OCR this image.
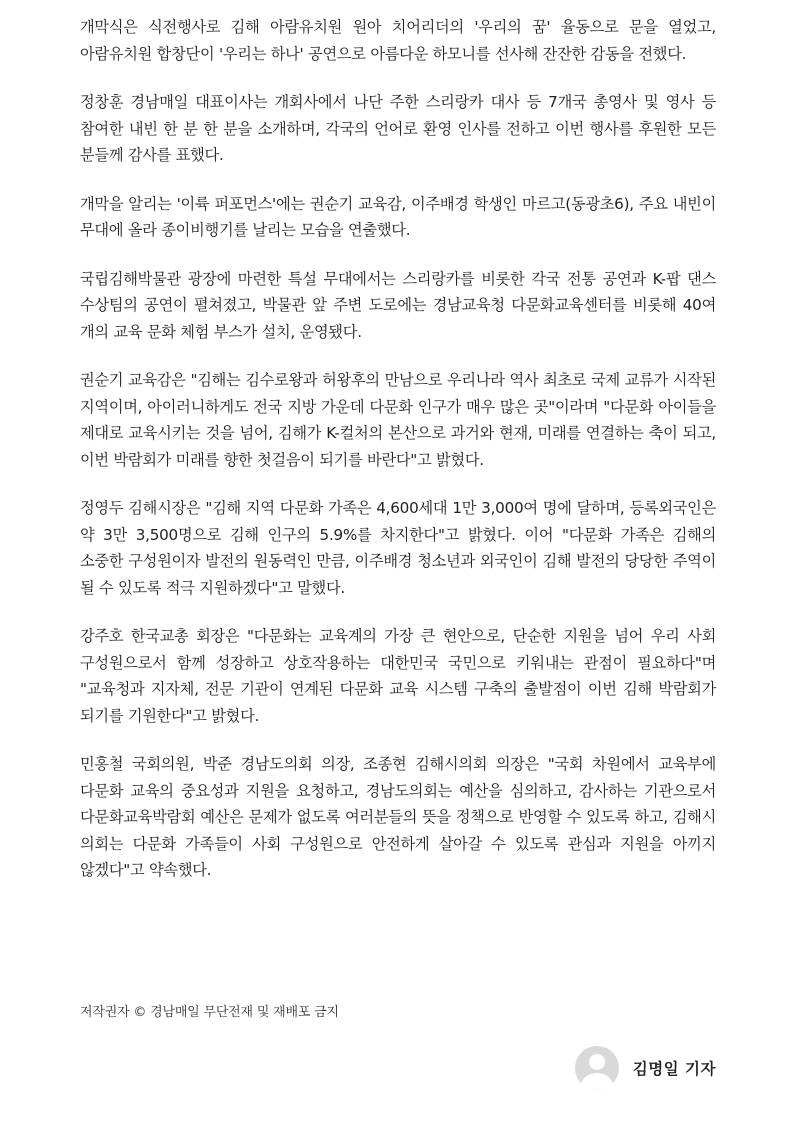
개막식은 식전행사로 김해 아람유치원 원아 치어리더의 '우리의 꿈' 율동으로 문을 열었고, 아람유치원 합창단이 '우리는 하나' 공연으로 아름다운 하모니를 선사해 잔잔한 감동을 전했다.

정창훈 경남매일 대표이사는 개회사에서 나단 주한 스리랑카 대사 등 7개국 총영사 및 영사 등 참여한 내빈 한 분 한 분을 소개하며, 각국의 언어로 환영 인사를 전하고 이번 행사를 후원한 모든 분들께 감사를 표했다.

개막을 알리는 '이륙 퍼포먼스'에는 권순기 교육감, 이주배경 학생인 마르고(동광초6), 주요 내빈이 무대에 올라 종이비행기를 날리는 모습을 연출했다.

국립김해박물관 광장에 마련한 특설 무대에서는 스리랑카를 비롯한 각국 전통 공연과 K-팝 댄스 수상팀의 공연이 펼쳐졌고, 박물관 앞 주변 도로에는 경남교육청 다문화교육센터를 비롯해 40여 개의 교육 문화 체험 부스가 설치, 운영됐다.

권순기 교육감은 "김해는 김수로왕과 허왕후의 만남으로 우리나라 역사 최초로 국제 교류가 시작된 지역이며, 아이러니하게도 전국 지방 가운데 다문화 인구가 매우 많은 곳"이라며 "다문화 아이들을 제대로 교육시키는 것을 넘어, 김해가 K-컬처의 본산으로 과거와 현재, 미래를 연결하는 축이 되고, 이번 박람회가 미래를 향한 첫걸음이 되기를 바란다"고 밝혔다.

정영두 김해시장은 "김해 지역 다문화 가족은 4,600세대 1만 3,000여 명에 달하며, 등록외국인은 약 3만 3,500명으로 김해 인구의 5.9%를 차지한다"고 밝혔다. 이어 "다문화 가족은 김해의 소중한 구성원이자 발전의 원동력인 만큼, 이주배경 청소년과 외국인이 김해 발전의 당당한 주역이 될 수 있도록 적극 지원하겠다"고 말했다.

강주호 한국교총 회장은 "다문화는 교육계의 가장 큰 현안으로, 단순한 지원을 넘어 우리 사회 구성원으로서 함께 성장하고 상호작용하는 대한민국 국민으로 키워내는 관점이 필요하다"며 "교육청과 지자체, 전문 기관이 연계된 다문화 교육 시스템 구축의 출발점이 이번 김해 박람회가 되기를 기원한다"고 밝혔다.

민홍철 국회의원, 박준 경남도의회 의장, 조종현 김해시의회 의장은 "국회 차원에서 교육부에 다문화 교육의 중요성과 지원을 요청하고, 경남도의회는 예산을 심의하고, 감사하는 기관으로서 다문화교육박람회 예산은 문제가 없도록 여러분들의 뜻을 정책으로 반영할 수 있도록 하고, 김해시 의회는 다문화 가족들이 사회 구성원으로 안전하게 살아갈 수 있도록 관심과 지원을 아끼지 않겠다"고 약속했다.

저작권자 © 경남매일 무단전재 및 재배포 금지
김명일 기자
